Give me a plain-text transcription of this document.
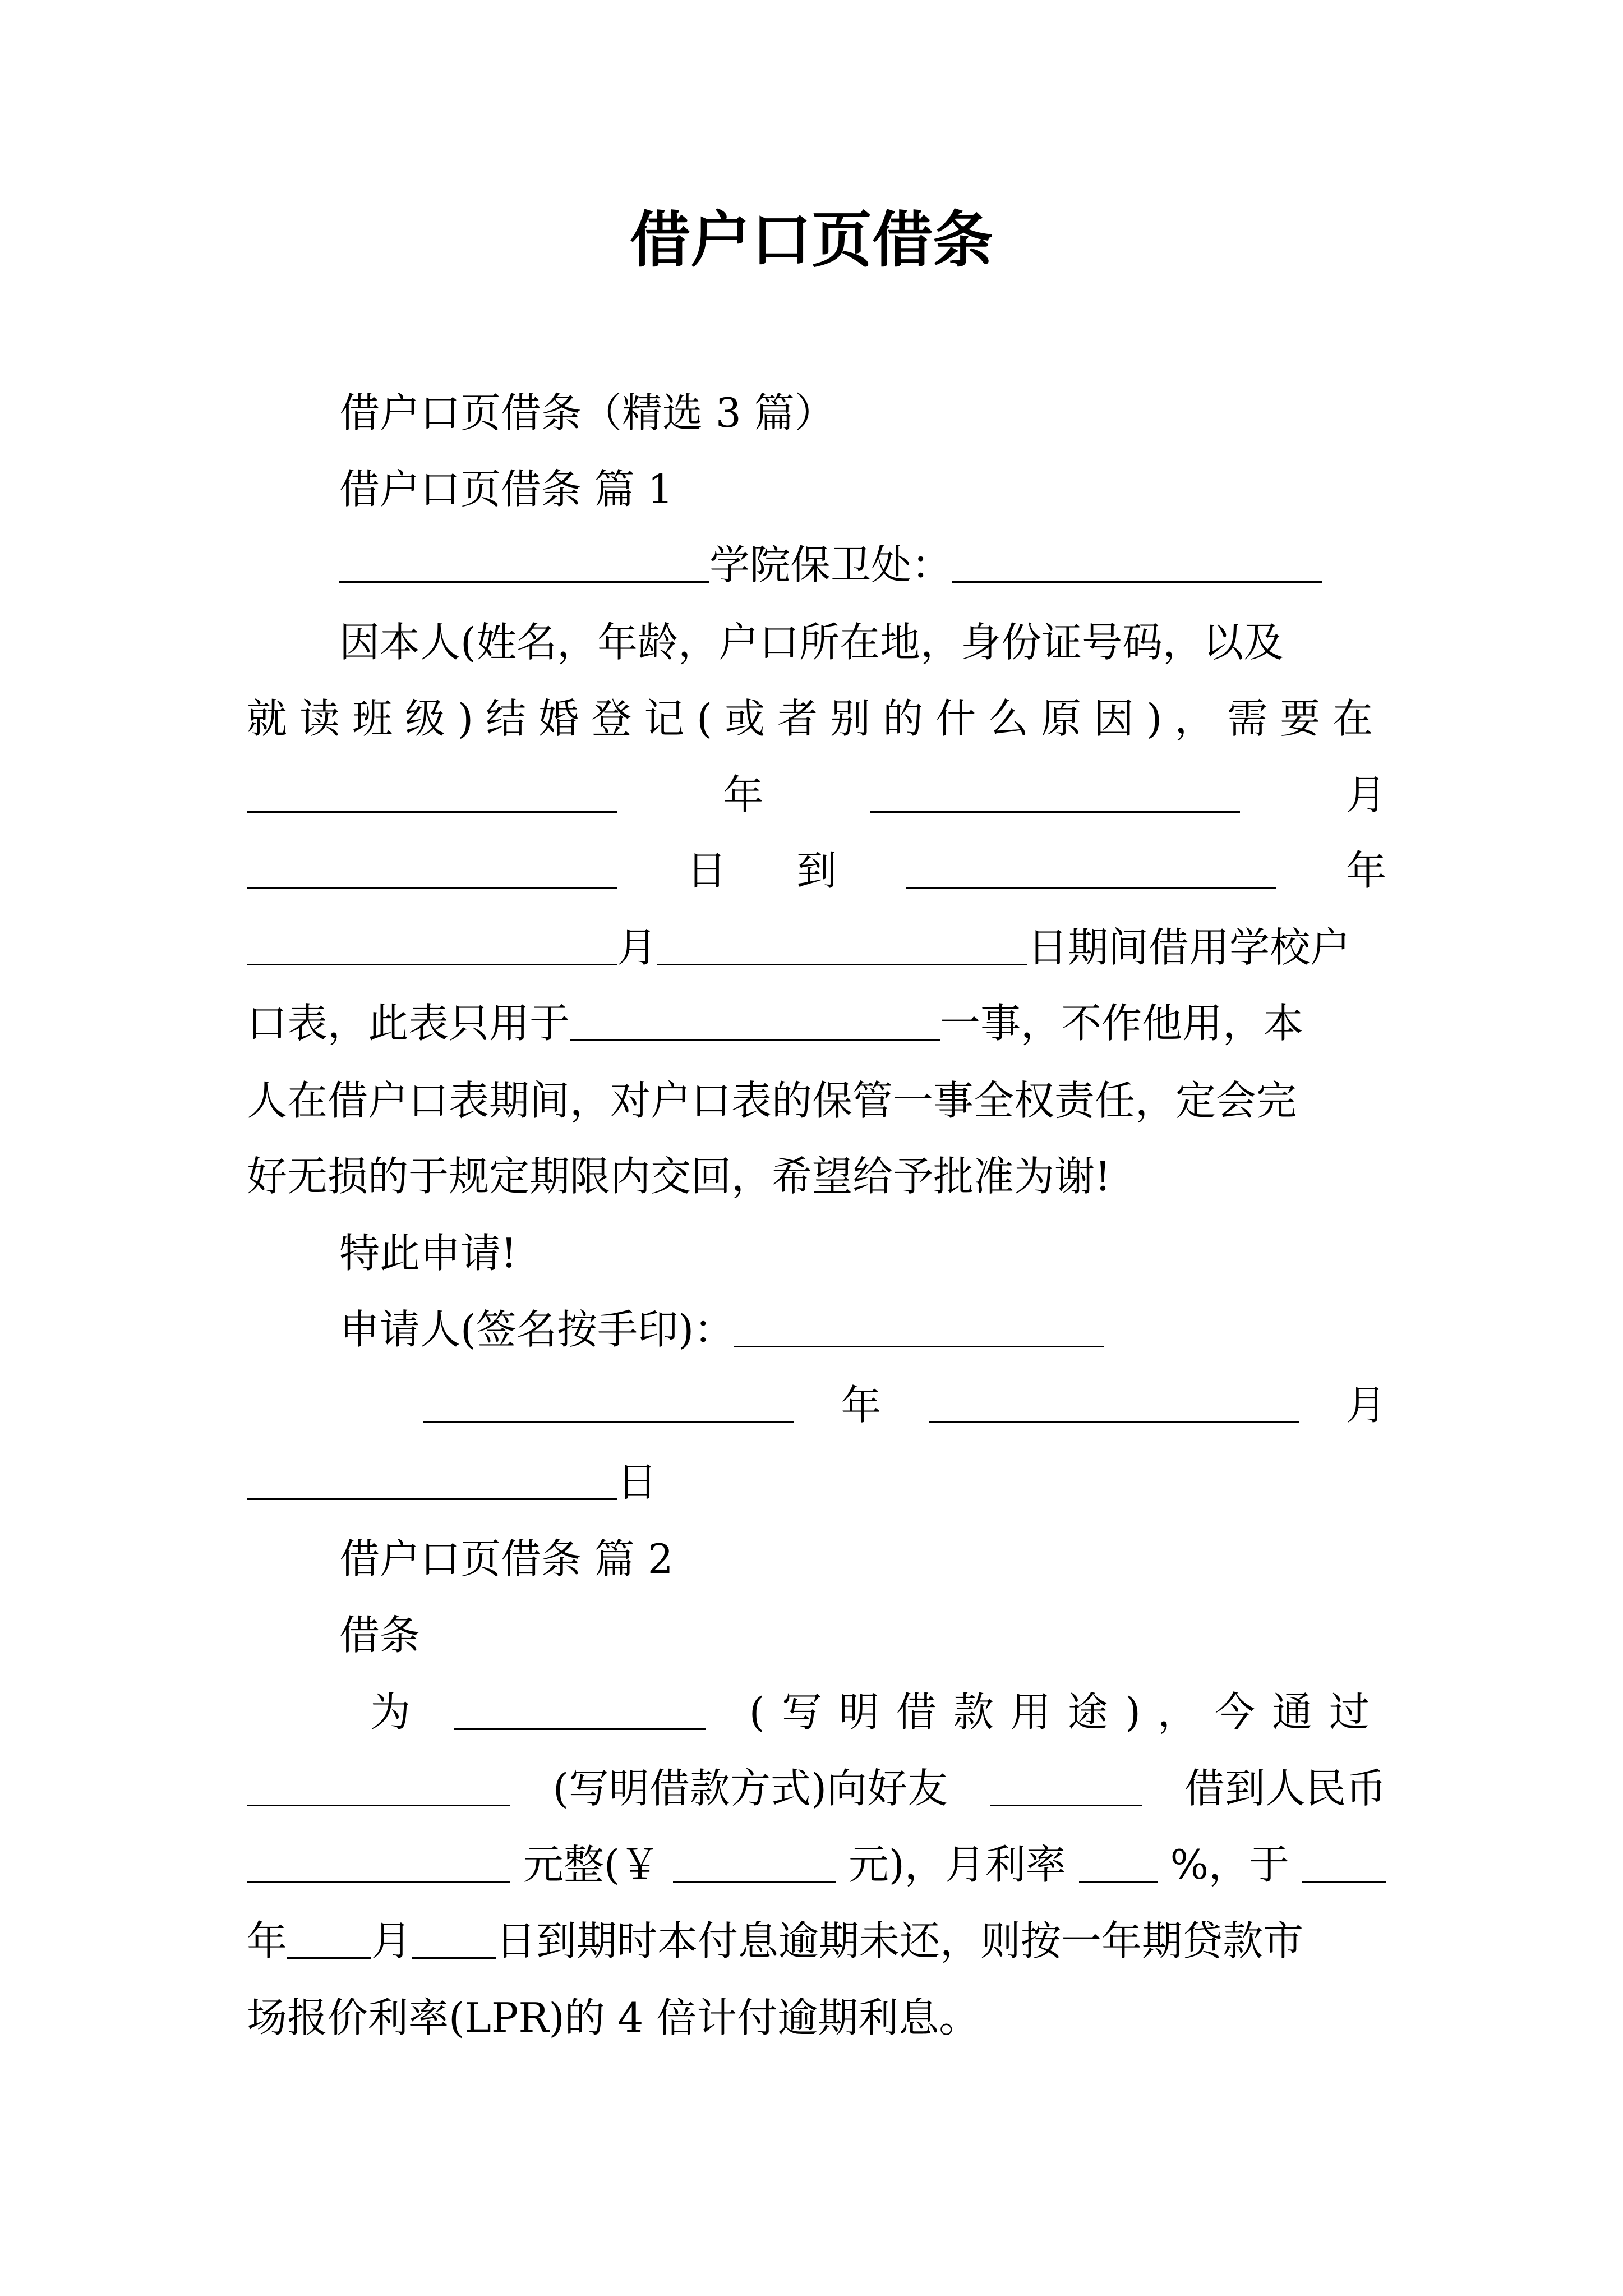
借户口页借条
借户口页借条（精选 3 篇）
借户口页借条 篇 1
学院保卫处：
因本人(姓名，年龄，户口所在地，身份证号码，以及
就读班级)结婚登记(或者别的什么原因)，需要在
年	月
日 到	年
月	日期间借用学校户
口表，此表只用于	一事，不作他用，本
人在借户口表期间，对户口表的保管一事全权责任，定会完
好无损的于规定期限内交回，希望给予批准为谢!
特此申请!
申请人(签名按手印)：
年	月
日
借户口页借条 篇 2
借条
为	(写明借款用途)，今通过
(写明借款方式)向好友	借到人民币
元整(￥	元)，月利率	%，于
年 月 日到期时本付息逾期未还，则按一年期贷款市
场报价利率(LPR)的 4 倍计付逾期利息。
